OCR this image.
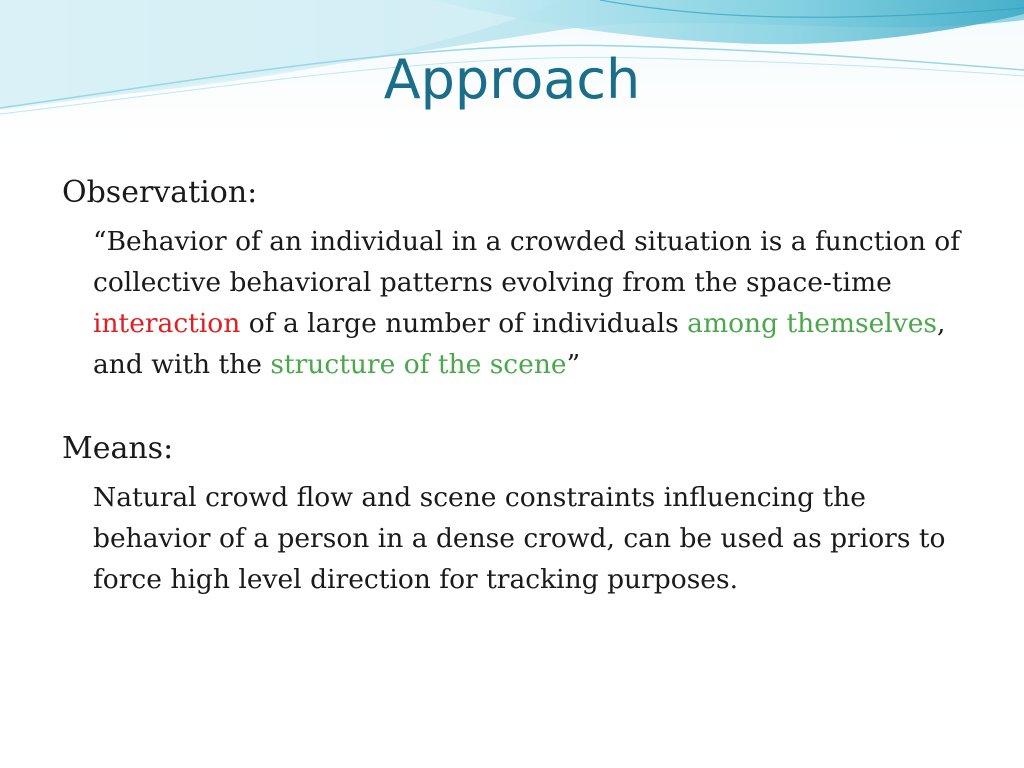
Approach

Observation:

“Behavior of an individual in a crowded situation is a function of collective behavioral patterns evolving from the space-time interaction of a large number of individuals among themselves, and with the structure of the scene”

Means:

Natural crowd flow and scene constraints influencing the behavior of a person in a dense crowd, can be used as priors to force high level direction for tracking purposes.
